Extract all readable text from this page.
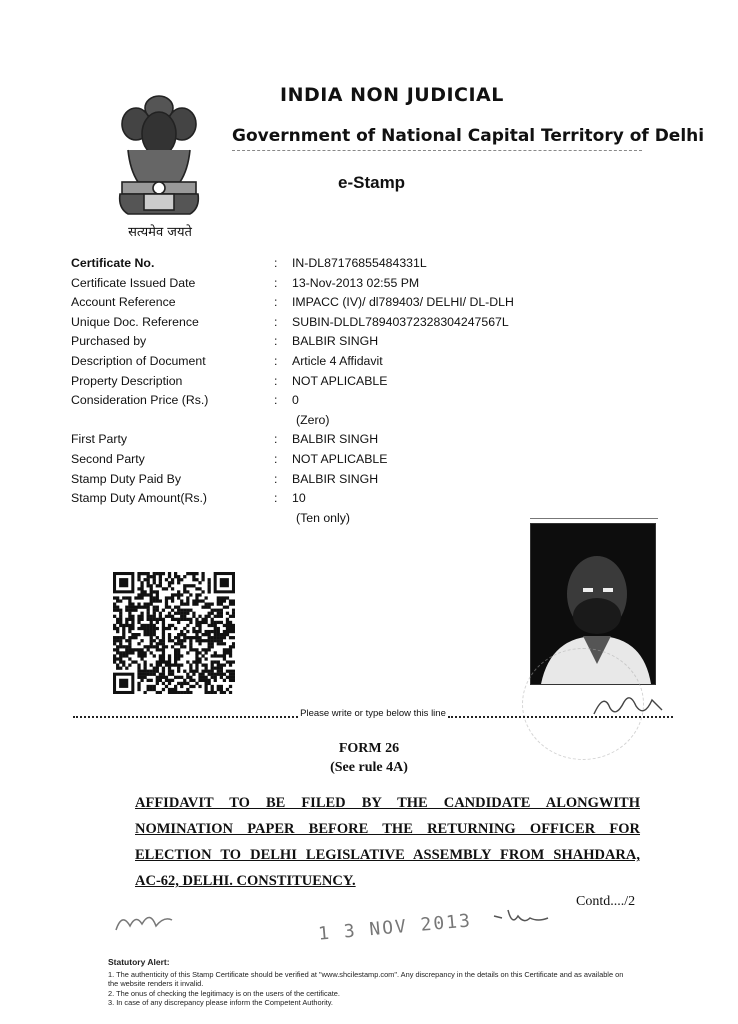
सत्यमेव जयते
INDIA NON JUDICIAL
Government of National Capital Territory of Delhi
e-Stamp
Certificate No.	: IN-DL87176855484331L
Certificate Issued Date	: 13-Nov-2013 02:55 PM
Account Reference	: IMPACC (IV)/ dl789403/ DELHI/ DL-DLH
Unique Doc. Reference	: SUBIN-DLDL78940372328304247567L
Purchased by	: BALBIR SINGH
Description of Document	: Article 4 Affidavit
Property Description	: NOT APLICABLE
Consideration Price (Rs.)	: 0
(Zero)
First Party	: BALBIR SINGH
Second Party	: NOT APLICABLE
Stamp Duty Paid By	: BALBIR SINGH
Stamp Duty Amount(Rs.)	: 10
(Ten only)
Please write or type below this line
FORM 26
(See rule 4A)
AFFIDAVIT TO BE FILED BY THE CANDIDATE ALONGWITH
NOMINATION PAPER BEFORE THE RETURNING OFFICER FOR
ELECTION TO DELHI LEGISLATIVE ASSEMBLY FROM SHAHDARA,
AC-62, DELHI. CONSTITUENCY.
Contd..../2
1 3 NOV 2013
Statutory Alert:
1. The authenticity of this Stamp Certificate should be verified at "www.shcilestamp.com". Any discrepancy in the details on this Certificate and as available on the website renders it invalid.
2. The onus of checking the legitimacy is on the users of the certificate.
3. In case of any discrepancy please inform the Competent Authority.
